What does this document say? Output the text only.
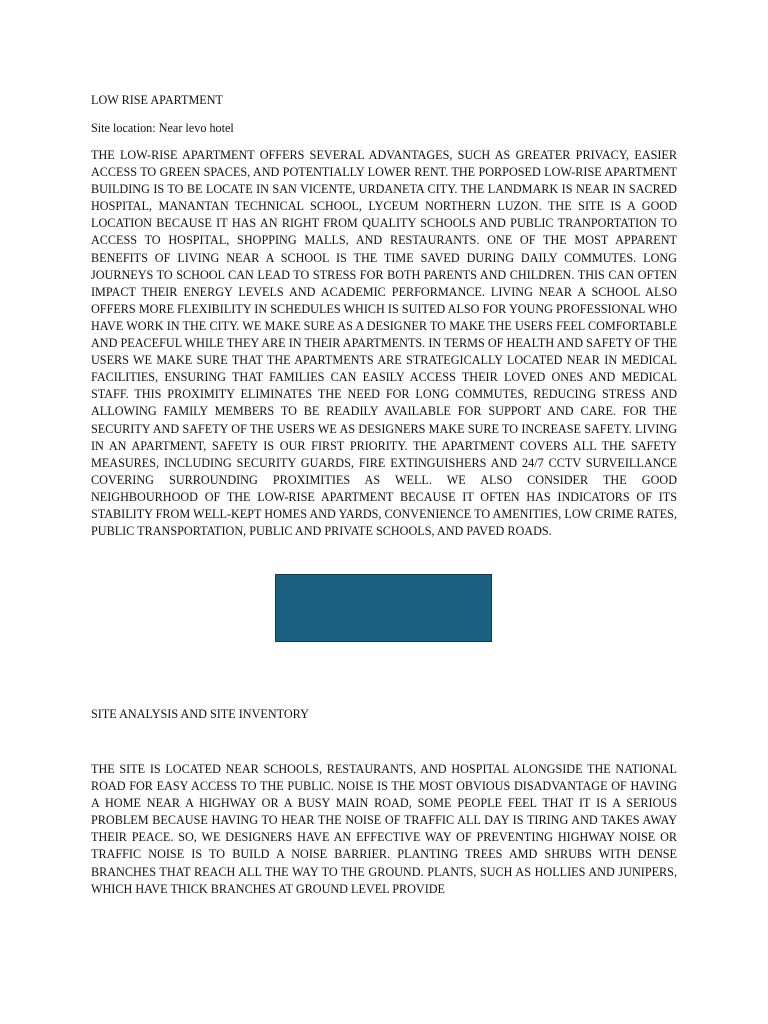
LOW RISE APARTMENT
Site location: Near levo hotel

THE LOW-RISE APARTMENT OFFERS SEVERAL ADVANTAGES, SUCH AS GREATER PRIVACY, EASIER ACCESS TO GREEN SPACES, AND POTENTIALLY LOWER RENT. THE PORPOSED LOW-RISE APARTMENT BUILDING IS TO BE LOCATE IN SAN VICENTE, URDANETA CITY. THE LANDMARK IS NEAR IN SACRED HOSPITAL, MANANTAN TECHNICAL SCHOOL, LYCEUM NORTHERN LUZON. THE SITE IS A GOOD LOCATION BECAUSE IT HAS AN RIGHT FROM QUALITY SCHOOLS AND PUBLIC TRANPORTATION TO ACCESS TO HOSPITAL, SHOPPING MALLS, AND RESTAURANTS. ONE OF THE MOST APPARENT BENEFITS OF LIVING NEAR A SCHOOL IS THE TIME SAVED DURING DAILY COMMUTES. LONG JOURNEYS TO SCHOOL CAN LEAD TO STRESS FOR BOTH PARENTS AND CHILDREN. THIS CAN OFTEN IMPACT THEIR ENERGY LEVELS AND ACADEMIC PERFORMANCE. LIVING NEAR A SCHOOL ALSO OFFERS MORE FLEXIBILITY IN SCHEDULES WHICH IS SUITED ALSO FOR YOUNG PROFESSIONAL WHO HAVE WORK IN THE CITY. WE MAKE SURE AS A DESIGNER TO MAKE THE USERS FEEL COMFORTABLE AND PEACEFUL WHILE THEY ARE IN THEIR APARTMENTS. IN TERMS OF HEALTH AND SAFETY OF THE USERS WE MAKE SURE THAT THE APARTMENTS ARE STRATEGICALLY LOCATED NEAR IN MEDICAL FACILITIES, ENSURING THAT FAMILIES CAN EASILY ACCESS THEIR LOVED ONES AND MEDICAL STAFF. THIS PROXIMITY ELIMINATES THE NEED FOR LONG COMMUTES, REDUCING STRESS AND ALLOWING FAMILY MEMBERS TO BE READILY AVAILABLE FOR SUPPORT AND CARE. FOR THE SECURITY AND SAFETY OF THE USERS WE AS DESIGNERS MAKE SURE TO INCREASE SAFETY. LIVING IN AN APARTMENT, SAFETY IS OUR FIRST PRIORITY. THE APARTMENT COVERS ALL THE SAFETY MEASURES, INCLUDING SECURITY GUARDS, FIRE EXTINGUISHERS AND 24/7 CCTV SURVEILLANCE COVERING SURROUNDING PROXIMITIES AS WELL. WE ALSO CONSIDER THE GOOD NEIGHBOURHOOD OF THE LOW-RISE APARTMENT BECAUSE IT OFTEN HAS INDICATORS OF ITS STABILITY FROM WELL-KEPT HOMES AND YARDS, CONVENIENCE TO AMENITIES, LOW CRIME RATES, PUBLIC TRANSPORTATION, PUBLIC AND PRIVATE SCHOOLS, AND PAVED ROADS.

SITE ANALYSIS AND SITE INVENTORY

THE SITE IS LOCATED NEAR SCHOOLS, RESTAURANTS, AND HOSPITAL ALONGSIDE THE NATIONAL ROAD FOR EASY ACCESS TO THE PUBLIC. NOISE IS THE MOST OBVIOUS DISADVANTAGE OF HAVING A HOME NEAR A HIGHWAY OR A BUSY MAIN ROAD, SOME PEOPLE FEEL THAT IT IS A SERIOUS PROBLEM BECAUSE HAVING TO HEAR THE NOISE OF TRAFFIC ALL DAY IS TIRING AND TAKES AWAY THEIR PEACE. SO, WE DESIGNERS HAVE AN EFFECTIVE WAY OF PREVENTING HIGHWAY NOISE OR TRAFFIC NOISE IS TO BUILD A NOISE BARRIER. PLANTING TREES AMD SHRUBS WITH DENSE BRANCHES THAT REACH ALL THE WAY TO THE GROUND. PLANTS, SUCH AS HOLLIES AND JUNIPERS, WHICH HAVE THICK BRANCHES AT GROUND LEVEL PROVIDE
